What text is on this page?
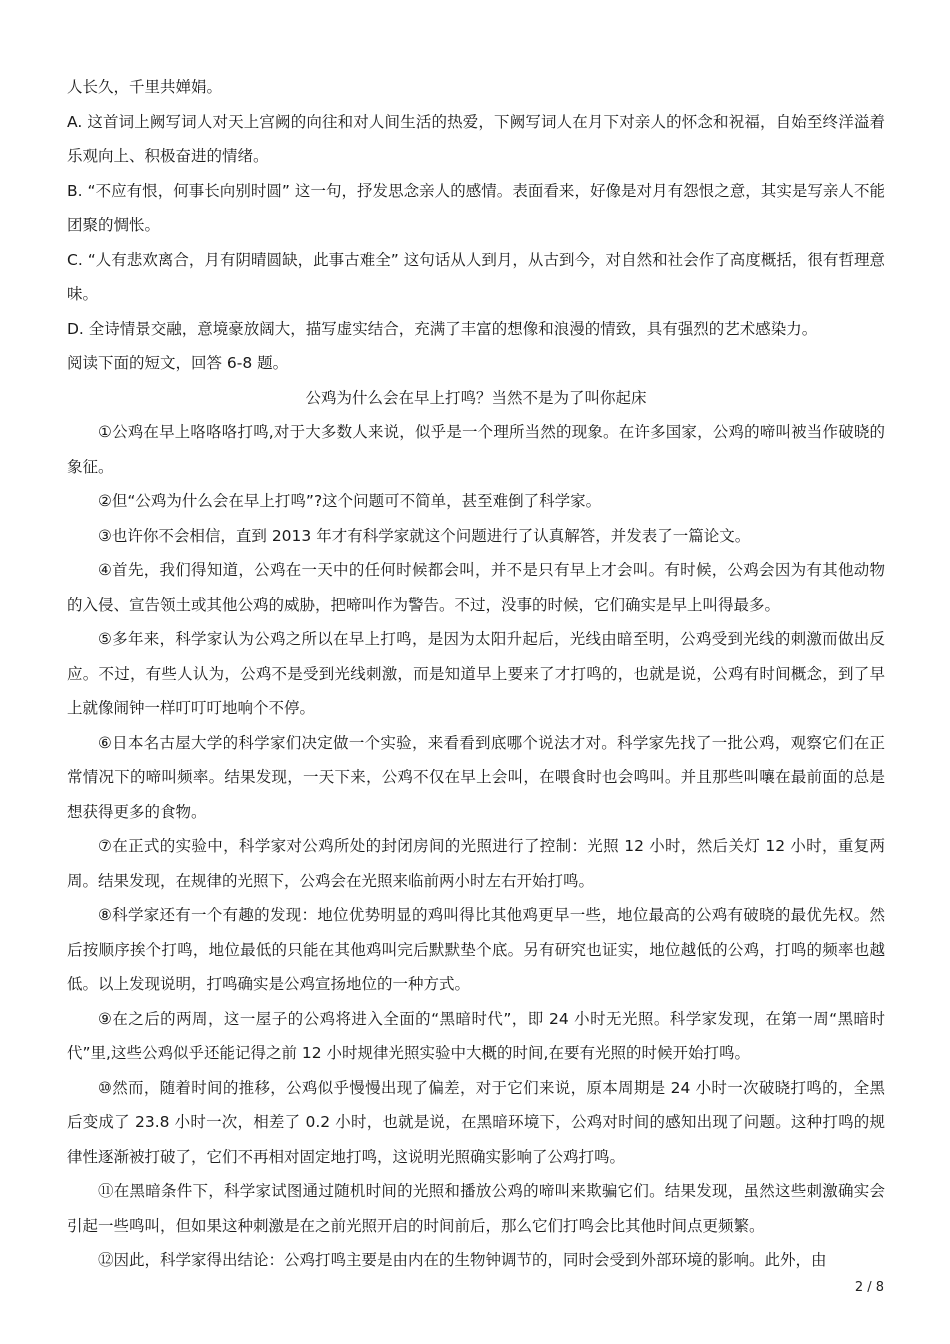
人长久，千里共婵娟。

A. 这首词上阙写词人对天上宫阙的向往和对人间生活的热爱，下阙写词人在月下对亲人的怀念和祝福，自始至终洋溢着乐观向上、积极奋进的情绪。

B. “不应有恨，何事长向别时圆” 这一句，抒发思念亲人的感情。表面看来，好像是对月有怨恨之意，其实是写亲人不能团聚的惆怅。

C. “人有悲欢离合，月有阴晴圆缺，此事古难全” 这句话从人到月，从古到今，对自然和社会作了高度概括，很有哲理意味。

D. 全诗情景交融，意境豪放阔大，描写虚实结合，充满了丰富的想像和浪漫的情致，具有强烈的艺术感染力。

阅读下面的短文，回答 6-8 题。

公鸡为什么会在早上打鸣？当然不是为了叫你起床

①公鸡在早上咯咯咯打鸣,对于大多数人来说，似乎是一个理所当然的现象。在许多国家，公鸡的啼叫被当作破晓的象征。

②但“公鸡为什么会在早上打鸣”?这个问题可不简单，甚至难倒了科学家。

③也许你不会相信，直到 2013 年才有科学家就这个问题进行了认真解答，并发表了一篇论文。

④首先，我们得知道，公鸡在一天中的任何时候都会叫，并不是只有早上才会叫。有时候，公鸡会因为有其他动物的入侵、宣告领土或其他公鸡的威胁，把啼叫作为警告。不过，没事的时候，它们确实是早上叫得最多。

⑤多年来，科学家认为公鸡之所以在早上打鸣，是因为太阳升起后，光线由暗至明，公鸡受到光线的刺激而做出反应。不过，有些人认为，公鸡不是受到光线刺激，而是知道早上要来了才打鸣的，也就是说，公鸡有时间概念，到了早上就像闹钟一样叮叮叮地响个不停。

⑥日本名古屋大学的科学家们决定做一个实验，来看看到底哪个说法才对。科学家先找了一批公鸡，观察它们在正常情况下的啼叫频率。结果发现，一天下来，公鸡不仅在早上会叫，在喂食时也会鸣叫。并且那些叫嚷在最前面的总是想获得更多的食物。

⑦在正式的实验中，科学家对公鸡所处的封闭房间的光照进行了控制：光照 12 小时，然后关灯 12 小时，重复两周。结果发现，在规律的光照下，公鸡会在光照来临前两小时左右开始打鸣。

⑧科学家还有一个有趣的发现：地位优势明显的鸡叫得比其他鸡更早一些，地位最高的公鸡有破晓的最优先权。然后按顺序挨个打鸣，地位最低的只能在其他鸡叫完后默默垫个底。另有研究也证实，地位越低的公鸡，打鸣的频率也越低。以上发现说明，打鸣确实是公鸡宣扬地位的一种方式。

⑨在之后的两周，这一屋子的公鸡将进入全面的“黑暗时代”，即 24 小时无光照。科学家发现，在第一周“黑暗时代”里,这些公鸡似乎还能记得之前 12 小时规律光照实验中大概的时间,在要有光照的时候开始打鸣。

⑩然而，随着时间的推移，公鸡似乎慢慢出现了偏差，对于它们来说，原本周期是 24 小时一次破晓打鸣的，全黑后变成了 23.8 小时一次，相差了 0.2 小时，也就是说，在黑暗环境下，公鸡对时间的感知出现了问题。这种打鸣的规律性逐渐被打破了，它们不再相对固定地打鸣，这说明光照确实影响了公鸡打鸣。

⑪在黑暗条件下，科学家试图通过随机时间的光照和播放公鸡的啼叫来欺骗它们。结果发现，虽然这些刺激确实会引起一些鸣叫，但如果这种刺激是在之前光照开启的时间前后，那么它们打鸣会比其他时间点更频繁。

⑫因此，科学家得出结论：公鸡打鸣主要是由内在的生物钟调节的，同时会受到外部环境的影响。此外，由

2 / 8
